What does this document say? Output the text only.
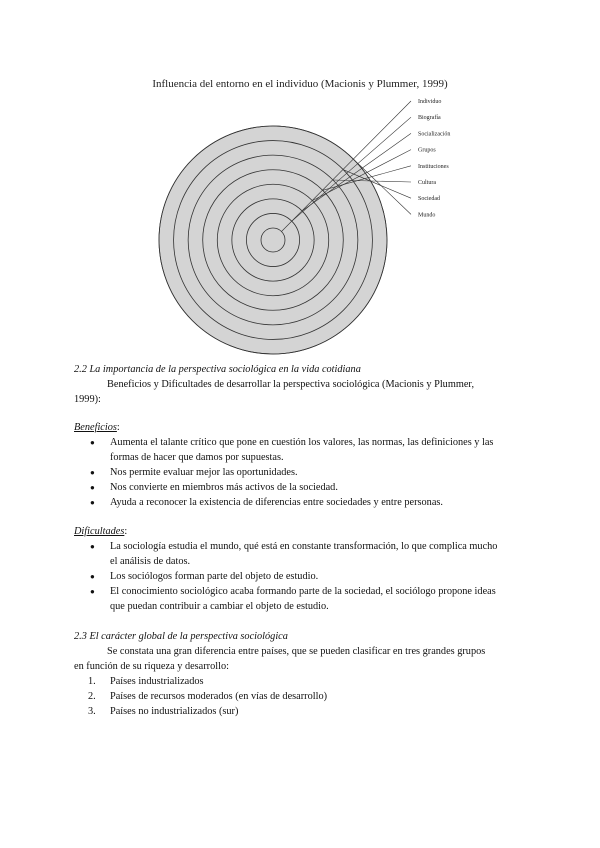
Influencia del entorno en el individuo (Macionis y Plummer, 1999)
Individuo
Biografía
Socialización
Grupos
Instituciones
Cultura
Sociedad
Mundo
2.2 La importancia de la perspectiva sociológica en la vida cotidiana
Beneficios y Dificultades de desarrollar la perspectiva sociológica (Macionis y Plummer,
1999):
Beneficios:
● Aumenta el talante crítico que pone en cuestión los valores, las normas, las definiciones y las
formas de hacer que damos por supuestas.
● Nos permite evaluar mejor las oportunidades.
● Nos convierte en miembros más activos de la sociedad.
● Ayuda a reconocer la existencia de diferencias entre sociedades y entre personas.
Dificultades:
● La sociología estudia el mundo, qué está en constante transformación, lo que complica mucho
el análisis de datos.
● Los sociólogos forman parte del objeto de estudio.
● El conocimiento sociológico acaba formando parte de la sociedad, el sociólogo propone ideas
que puedan contribuir a cambiar el objeto de estudio.
2.3 El carácter global de la perspectiva sociológica
Se constata una gran diferencia entre países, que se pueden clasificar en tres grandes grupos
en función de su riqueza y desarrollo:
1. Países industrializados
2. Países de recursos moderados (en vías de desarrollo)
3. Países no industrializados (sur)
